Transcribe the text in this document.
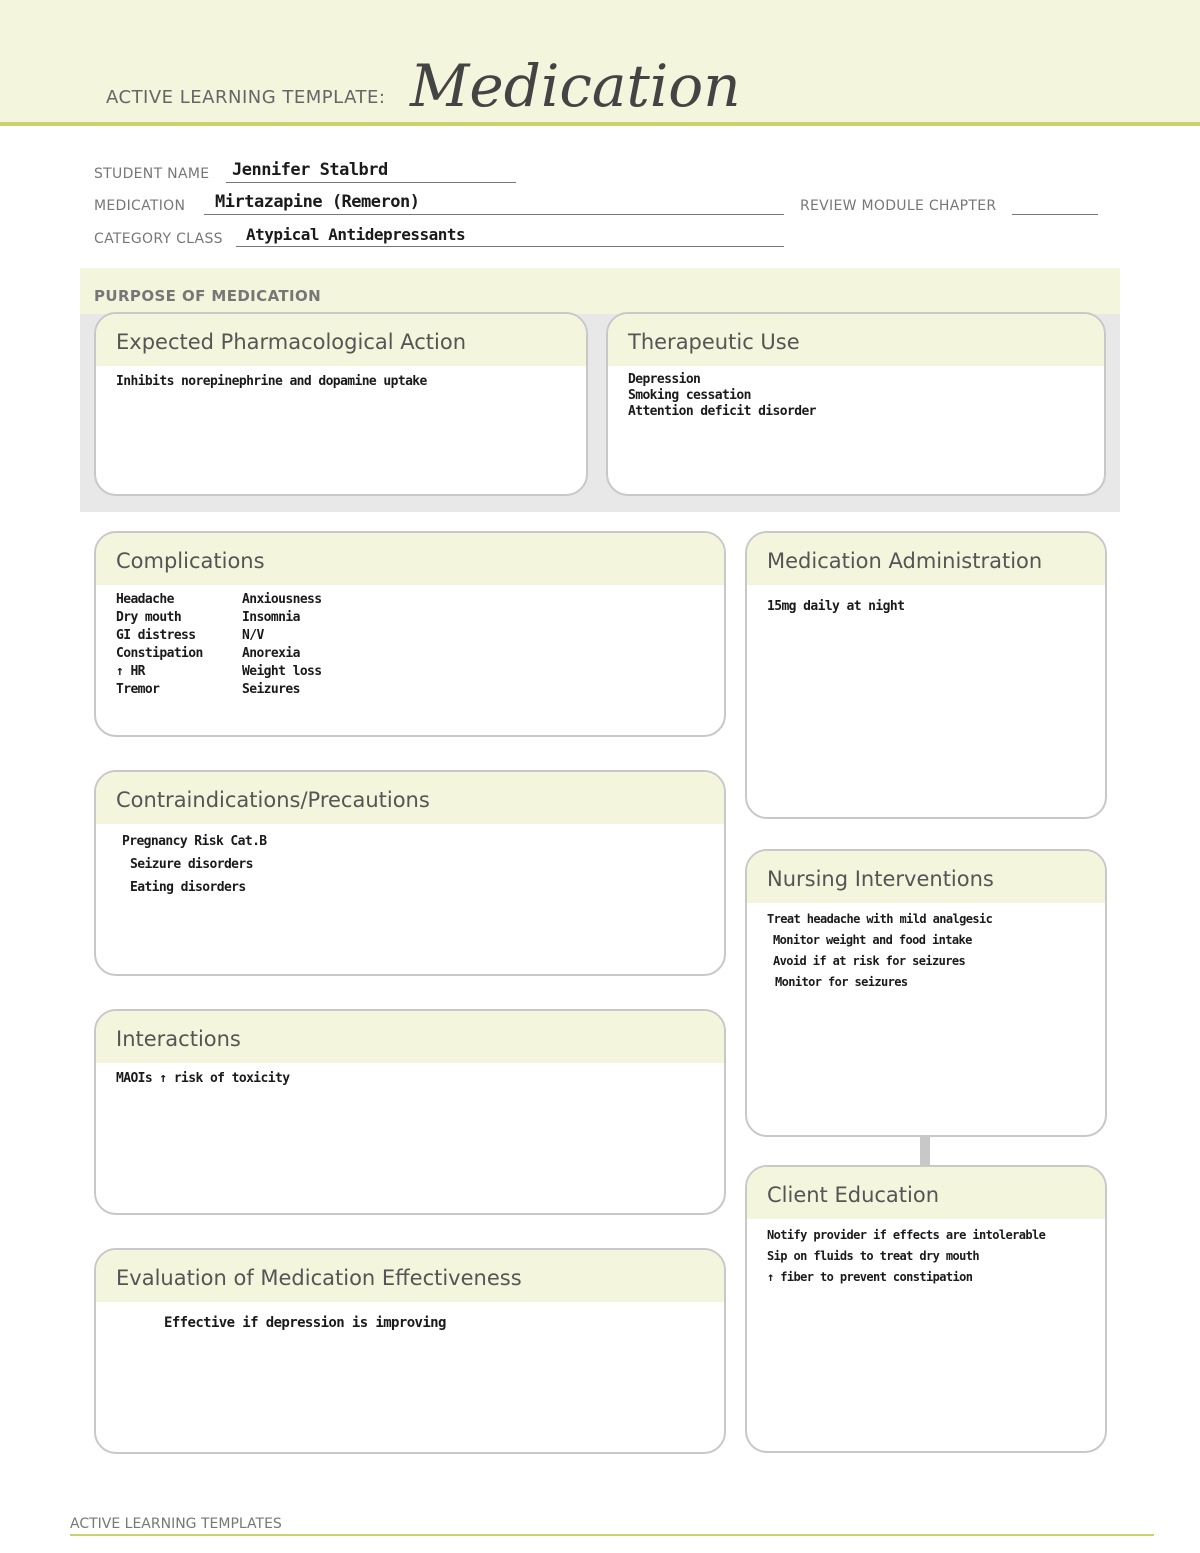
ACTIVE LEARNING TEMPLATE: Medication
STUDENT NAME Jennifer Stalbrd
MEDICATION Mirtazapine (Remeron)	REVIEW MODULE CHAPTER
CATEGORY CLASS Atypical Antidepressants
PURPOSE OF MEDICATION
Expected Pharmacological Action
Inhibits norepinephrine and dopamine uptake
Therapeutic Use
Depression
Smoking cessation
Attention deficit disorder
Complications
Headache
Dry mouth
GI distress
Constipation
↑ HR
Tremor
Anxiousness
Insomnia
N/V
Anorexia
Weight loss
Seizures
Medication Administration
15mg daily at night
Contraindications/Precautions
Pregnancy Risk Cat.B
Seizure disorders
Eating disorders	Nursing Interventions
Treat headache with mild analgesic
Monitor weight and food intake
Avoid if at risk for seizures
Monitor for seizures
Interactions
MAOIs ↑ risk of toxicity
Client Education
Notify provider if effects are intolerable
Sip on fluids to treat dry mouth
↑ fiber to prevent constipation
Evaluation of Medication Effectiveness
Effective if depression is improving
ACTIVE LEARNING TEMPLATES
